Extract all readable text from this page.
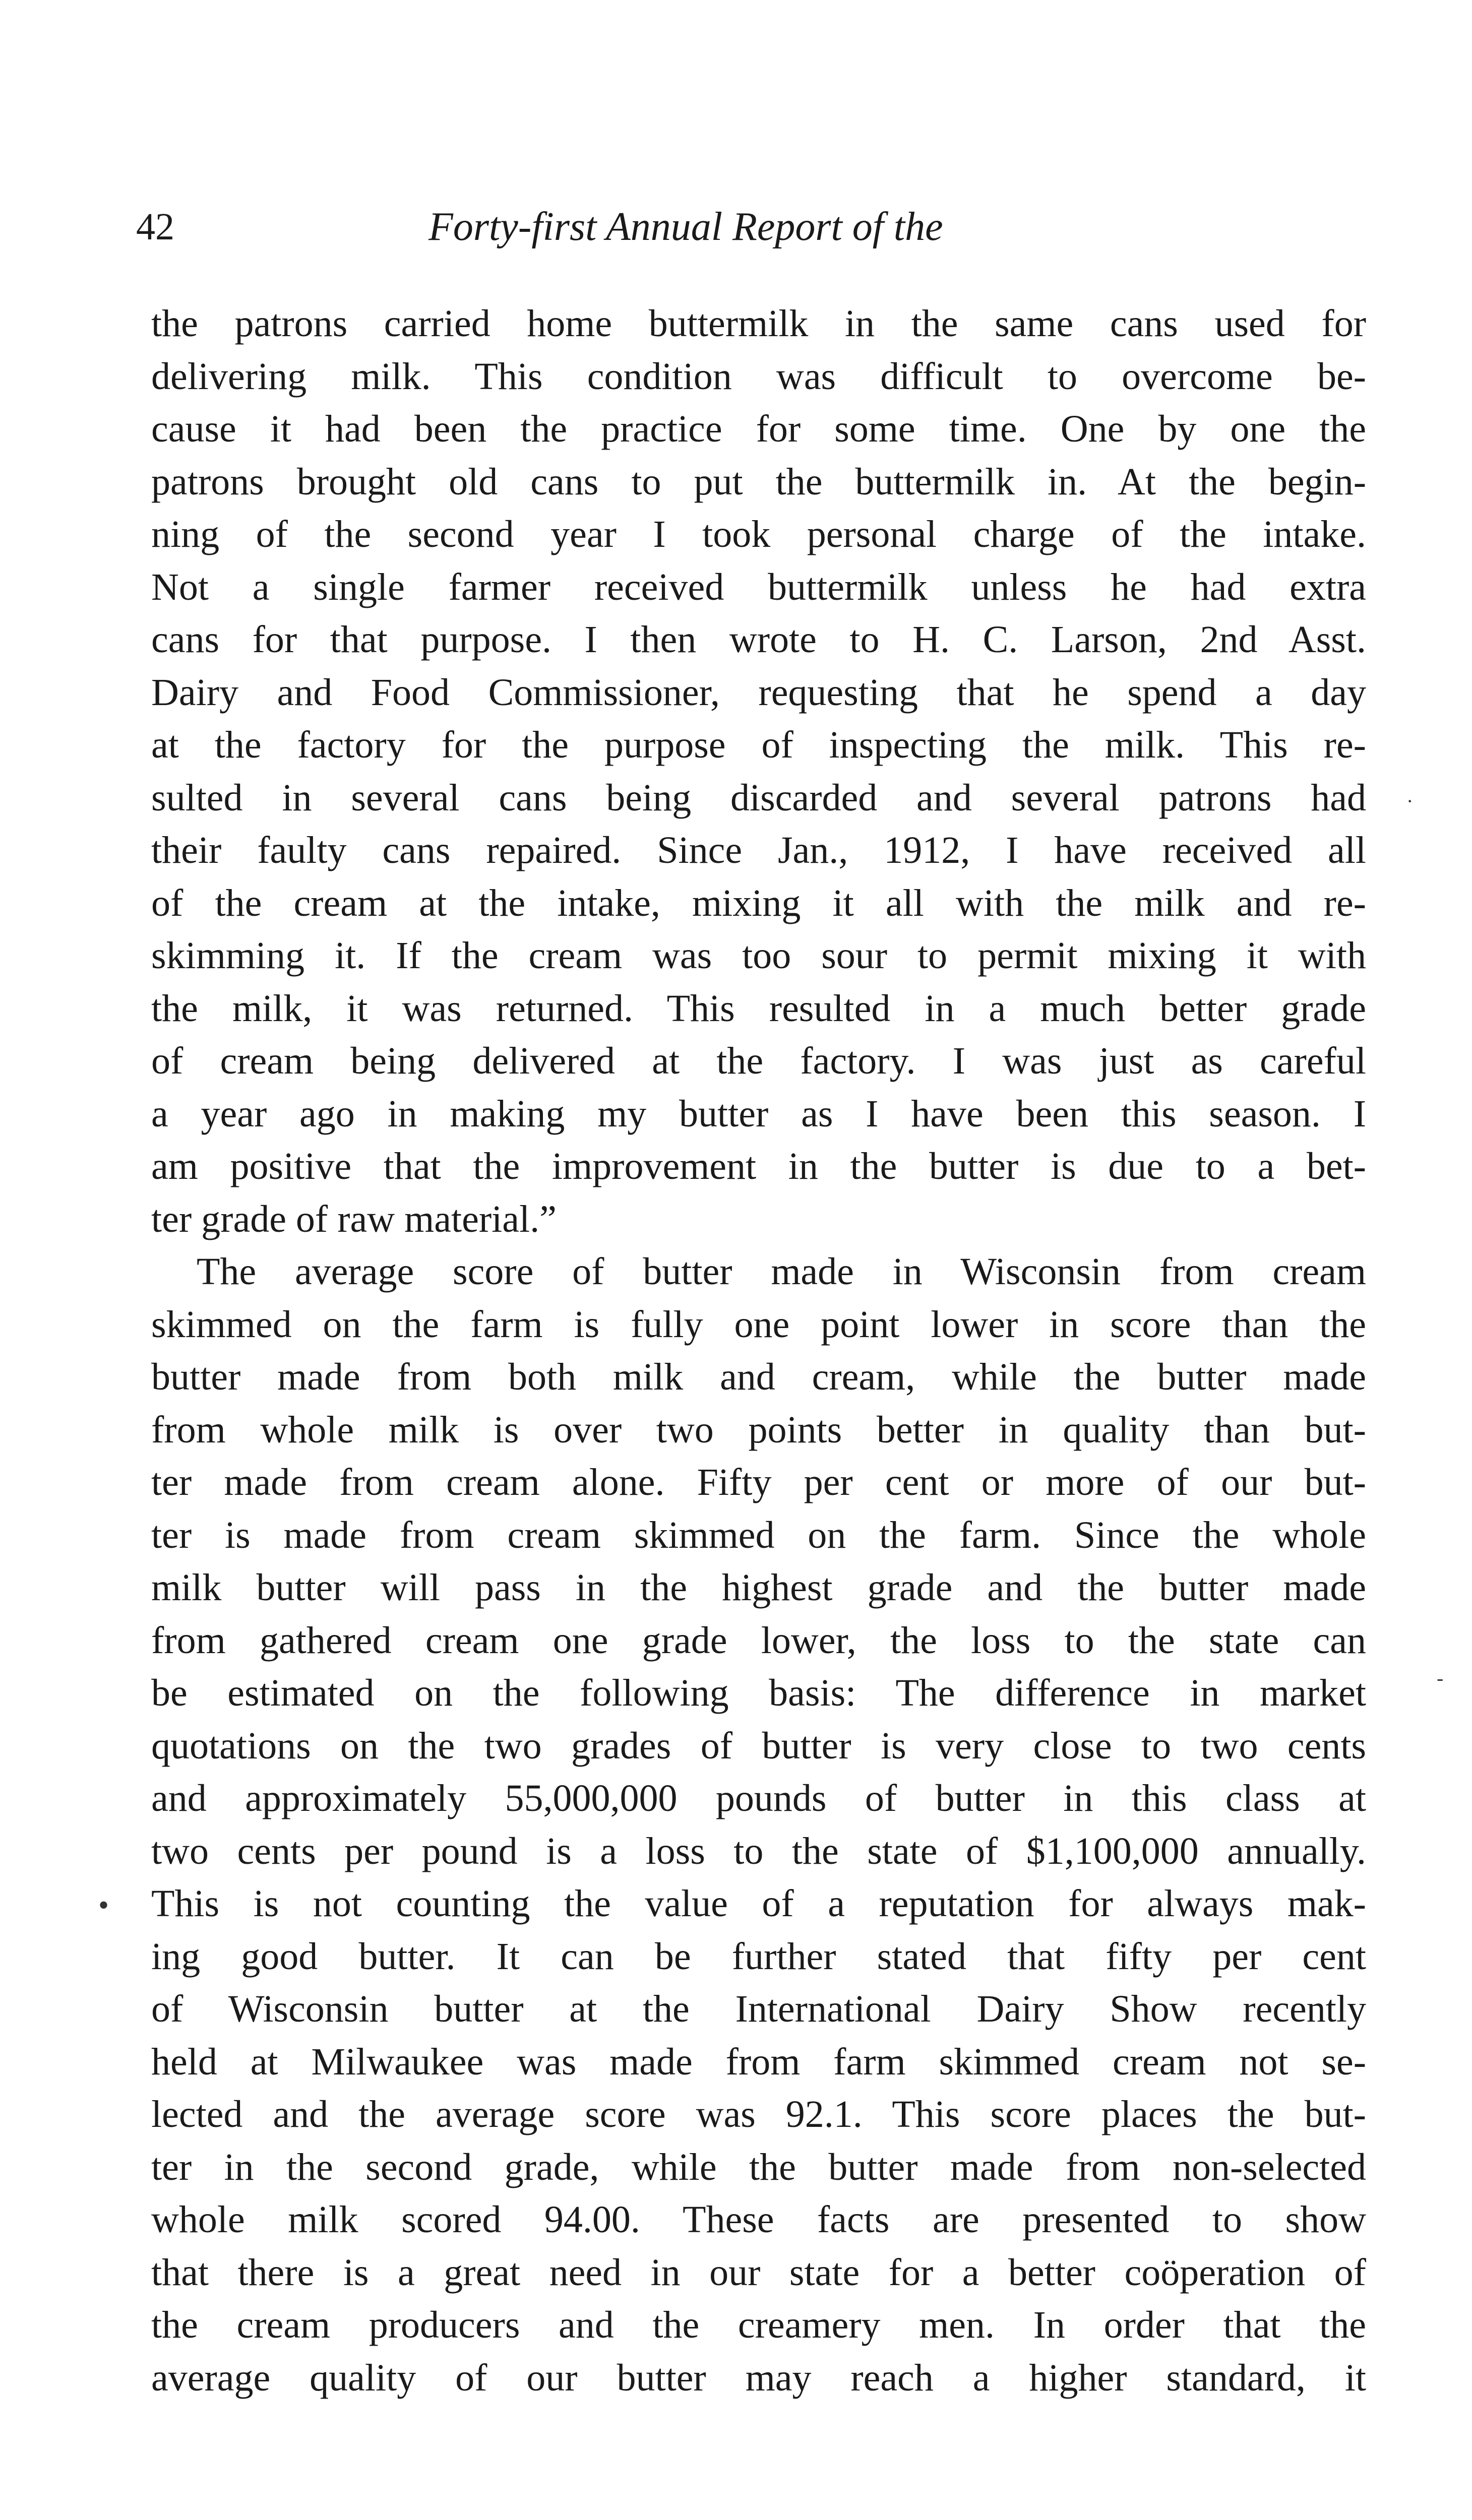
42	Forty-first Annual Report of the
the patrons carried home buttermilk in the same cans used for
delivering milk. This condition was difficult to overcome be-
cause it had been the practice for some time. One by one the
patrons brought old cans to put the buttermilk in. At the begin-
ning of the second year I took personal charge of the intake.
Not a single farmer received buttermilk unless he had extra
cans for that purpose. I then wrote to H. C. Larson, 2nd Asst.
Dairy and Food Commissioner, requesting that he spend a day
at the factory for the purpose of inspecting the milk. This re-
sulted in several cans being discarded and several patrons had
their faulty cans repaired. Since Jan., 1912, I have received all
of the cream at the intake, mixing it all with the milk and re-
skimming it. If the cream was too sour to permit mixing it with
the milk, it was returned. This resulted in a much better grade
of cream being delivered at the factory. I was just as careful
a year ago in making my butter as I have been this season. I
am positive that the improvement in the butter is due to a bet-
ter grade of raw material.”
The average score of butter made in Wisconsin from cream
skimmed on the farm is fully one point lower in score than the
butter made from both milk and cream, while the butter made
from whole milk is over two points better in quality than but-
ter made from cream alone. Fifty per cent or more of our but-
ter is made from cream skimmed on the farm. Since the whole
milk butter will pass in the highest grade and the butter made
from gathered cream one grade lower, the loss to the state can
be estimated on the following basis: The difference in market
quotations on the two grades of butter is very close to two cents
and approximately 55,000,000 pounds of butter in this class at
two cents per pound is a loss to the state of $1,100,000 annually.
This is not counting the value of a reputation for always mak-
ing good butter. It can be further stated that fifty per cent
of Wisconsin butter at the International Dairy Show recently
held at Milwaukee was made from farm skimmed cream not se-
lected and the average score was 92.1. This score places the but-
ter in the second grade, while the butter made from non-selected
whole milk scored 94.00. These facts are presented to show
that there is a great need in our state for a better coöperation of
the cream producers and the creamery men. In order that the
average quality of our butter may reach a higher standard, it
•
·
-
